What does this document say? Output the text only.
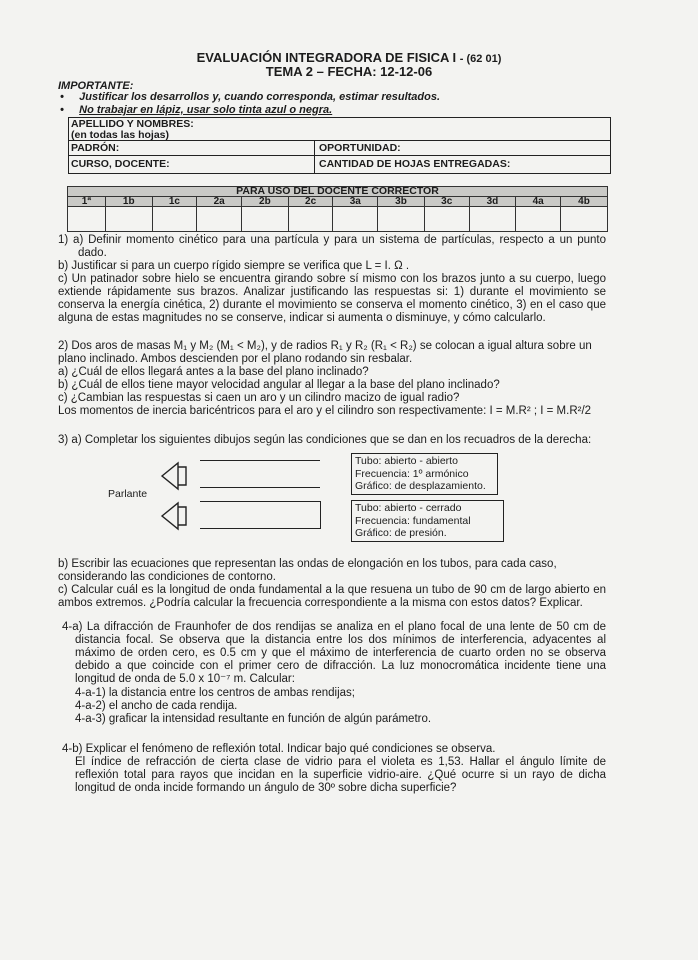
EVALUACIÓN INTEGRADORA DE FISICA I - (62 01)
TEMA 2 – FECHA: 12-12-06
IMPORTANTE:
•     Justificar los desarrollos y, cuando corresponda, estimar resultados.
•     No trabajar en lápiz, usar solo tinta azul o negra.
APELLIDO Y NOMBRES:
(en todas las hojas)
PADRÓN:	OPORTUNIDAD:
CURSO, DOCENTE:	CANTIDAD DE HOJAS ENTREGADAS:
PARA USO DEL DOCENTE CORRECTOR											
1ª	1b	1c	2a	2b	2c	3a	3b	3c	3d	4a	4b

1) a) Definir momento cinético para una partícula y para un sistema de partículas, respecto a un punto
dado.
b) Justificar si para un cuerpo rígido siempre se verifica que L = I. Ω .
c) Un patinador sobre hielo se encuentra girando sobre sí mismo con los brazos junto a su cuerpo, luego
extiende rápidamente sus brazos. Analizar justificando las respuestas si: 1) durante el movimiento se
conserva la energía cinética, 2) durante el movimiento se conserva el momento cinético, 3) en el caso que
alguna de estas magnitudes no se conserve, indicar si aumenta o disminuye, y cómo calcularlo.
2) Dos aros de masas M₁ y M₂ (M₁ < M₂), y de radios R₁ y R₂ (R₁ < R₂) se colocan a igual altura sobre un
plano inclinado. Ambos descienden por el plano rodando sin resbalar.
a) ¿Cuál de ellos llegará antes a la base del plano inclinado?
b) ¿Cuál de ellos tiene mayor velocidad angular al llegar a la base del plano inclinado?
c) ¿Cambian las respuestas si caen un aro y un cilindro macizo de igual radio?
Los momentos de inercia baricéntricos para el aro y el cilindro son respectivamente: I = M.R² ; I = M.R²/2
3) a) Completar los siguientes dibujos según las condiciones que se dan en los recuadros de la derecha:
Tubo: abierto - abierto
Frecuencia: 1º armónico
Gráfico: de desplazamiento.
Parlante
Tubo: abierto - cerrado
Frecuencia: fundamental
Gráfico: de presión.
b) Escribir las ecuaciones que representan las ondas de elongación en los tubos, para cada caso,
considerando las condiciones de contorno.
c) Calcular cuál es la longitud de onda fundamental a la que resuena un tubo de 90 cm de largo abierto en
ambos extremos. ¿Podría calcular la frecuencia correspondiente a la misma con estos datos? Explicar.
4-a) La difracción de Fraunhofer de dos rendijas se analiza en el plano focal de una lente de 50 cm de
distancia focal. Se observa que la distancia entre los dos mínimos de interferencia, adyacentes al
máximo de orden cero, es 0.5 cm y que el máximo de interferencia de cuarto orden no se observa
debido a que coincide con el primer cero de difracción. La luz monocromática incidente tiene una
longitud de onda de 5.0 x 10⁻⁷ m. Calcular:
4-a-1) la distancia entre los centros de ambas rendijas;
4-a-2) el ancho de cada rendija.
4-a-3) graficar la intensidad resultante en función de algún parámetro.
4-b) Explicar el fenómeno de reflexión total. Indicar bajo qué condiciones se observa.
El índice de refracción de cierta clase de vidrio para el violeta es 1,53. Hallar el ángulo límite de
reflexión total para rayos que incidan en la superficie vidrio-aire. ¿Qué ocurre si un rayo de dicha
longitud de onda incide formando un ángulo de 30º sobre dicha superficie?
